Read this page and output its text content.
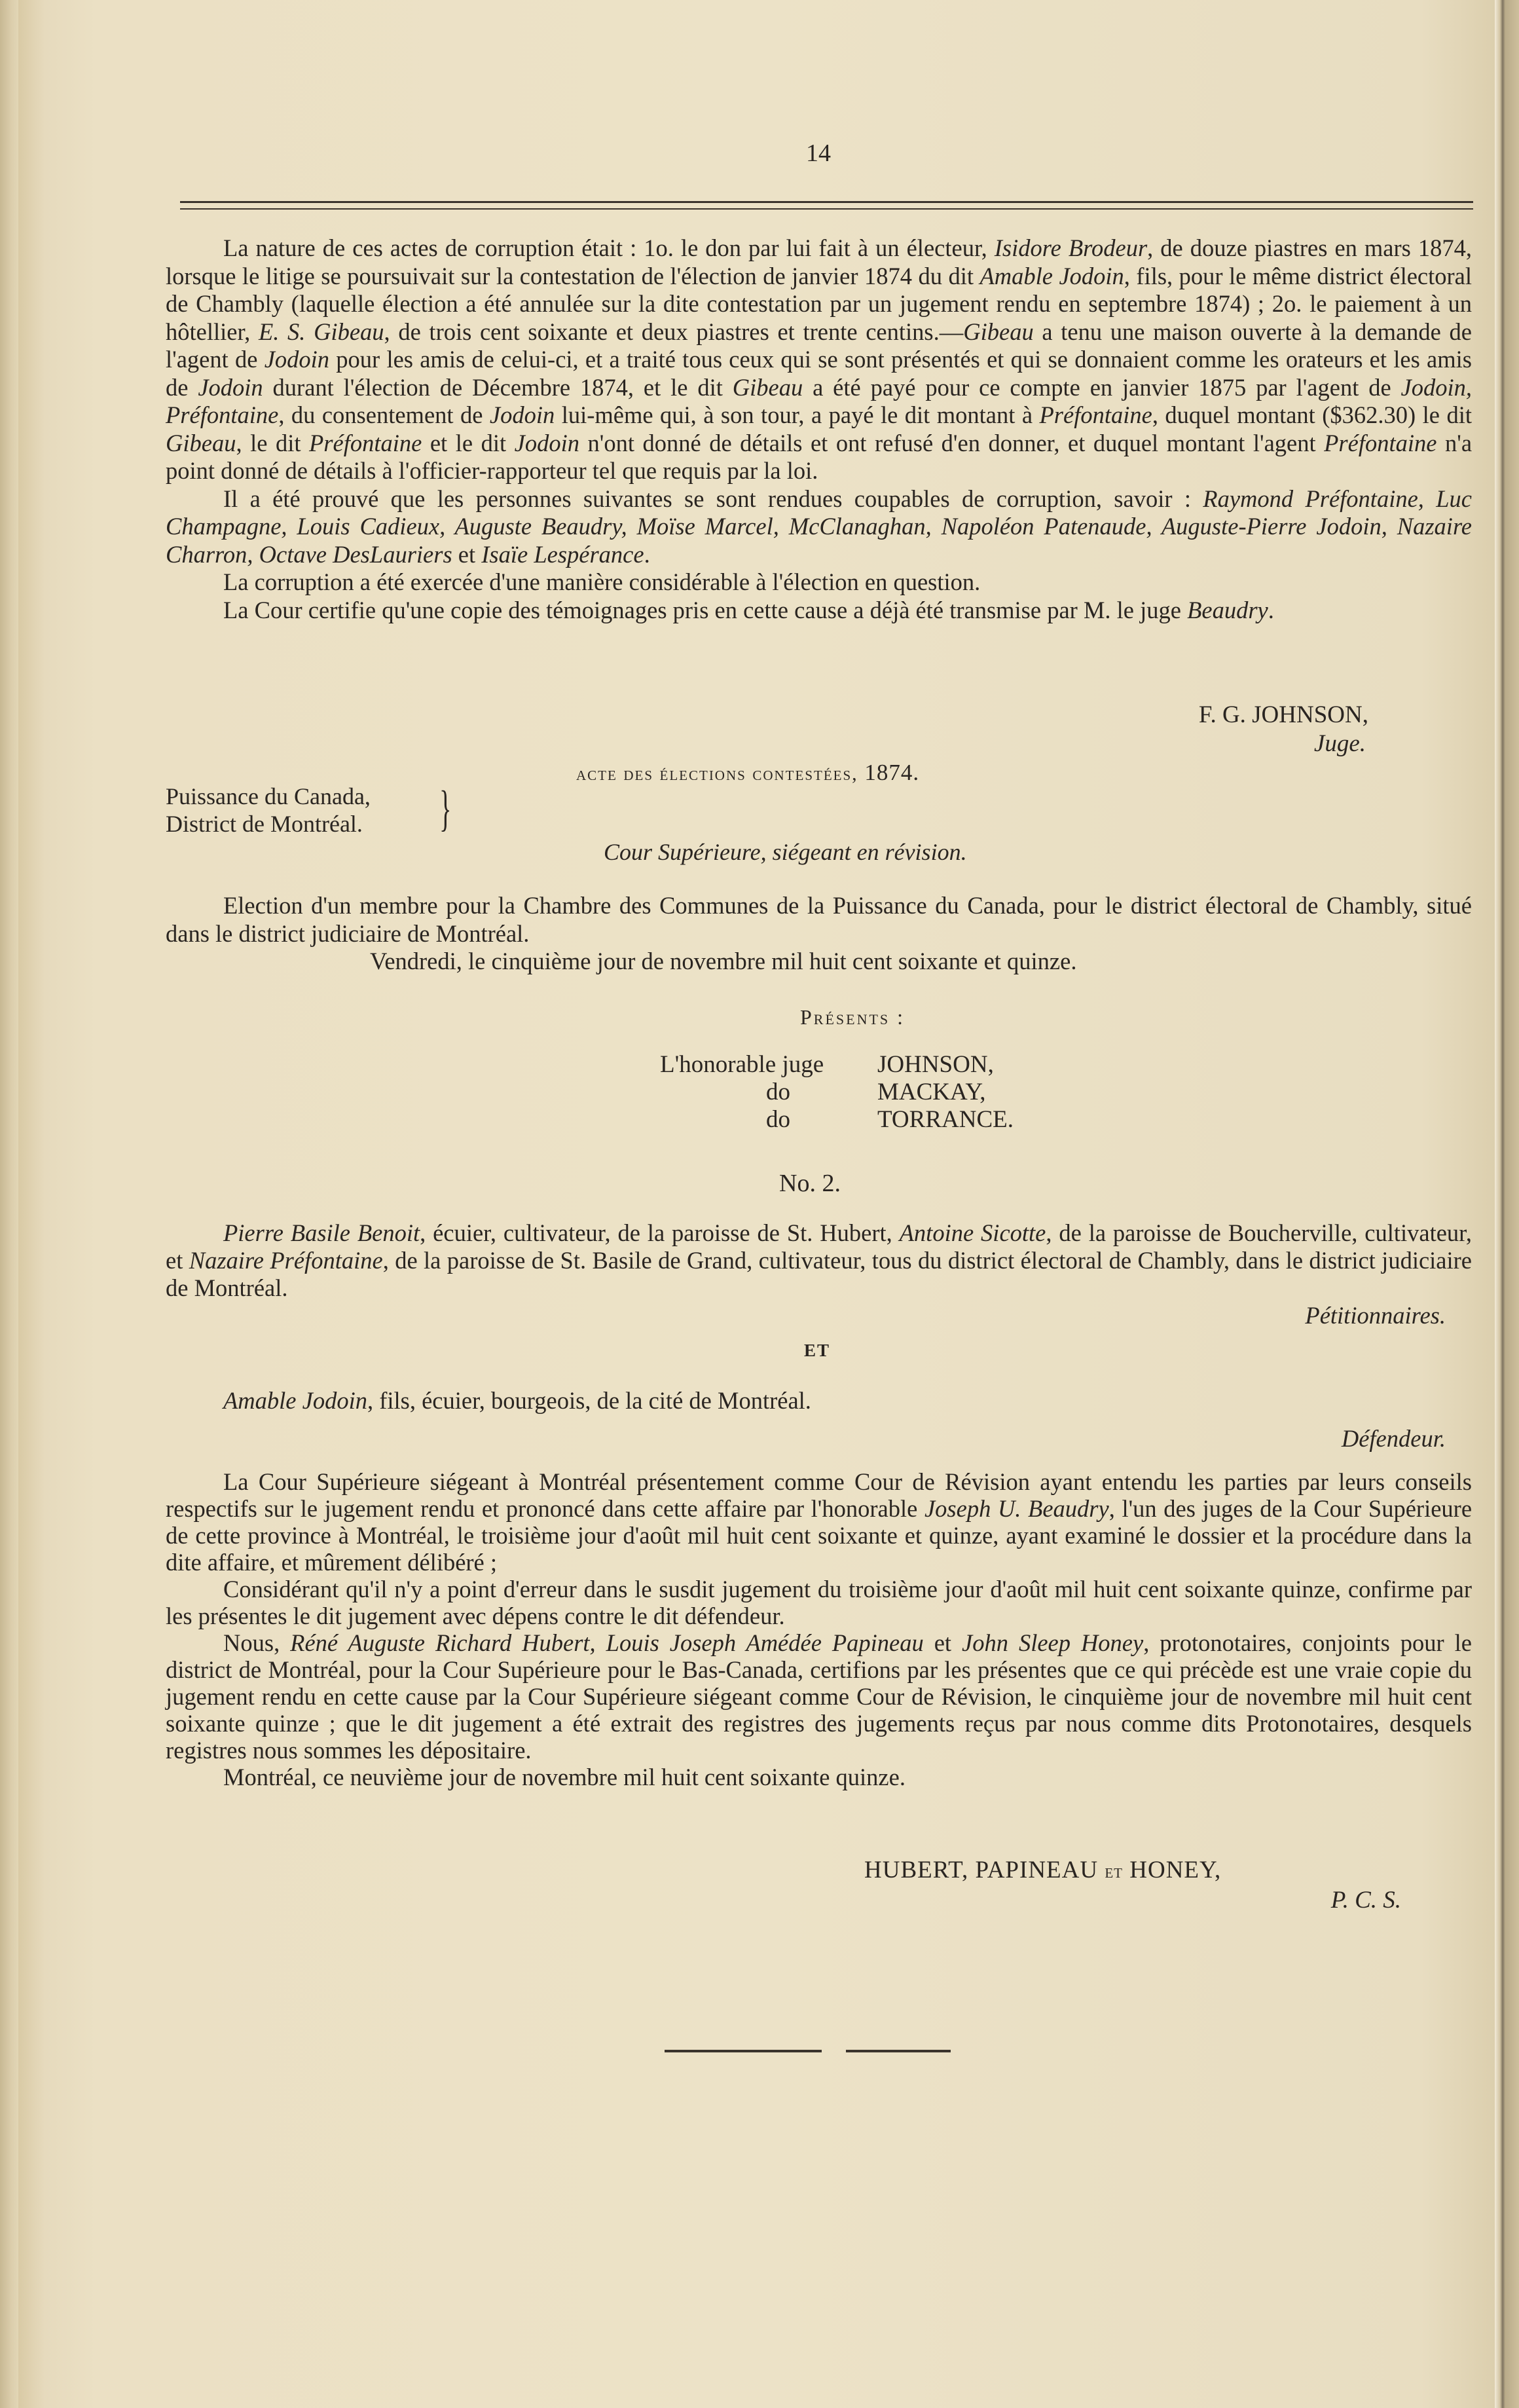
14

La nature de ces actes de corruption était : 1o. le don par lui fait à un électeur, Isidore Brodeur, de douze piastres en mars 1874, lorsque le litige se poursuivait sur la contestation de l'élection de janvier 1874 du dit Amable Jodoin, fils, pour le même district électoral de Chambly (laquelle élection a été annulée sur la dite contestation par un jugement rendu en septembre 1874) ; 2o. le paiement à un hôtellier, E. S. Gibeau, de trois cent soixante et deux piastres et trente centins.—Gibeau a tenu une maison ouverte à la demande de l'agent de Jodoin pour les amis de celui-ci, et a traité tous ceux qui se sont présentés et qui se donnaient comme les orateurs et les amis de Jodoin durant l'élection de Décembre 1874, et le dit Gibeau a été payé pour ce compte en janvier 1875 par l'agent de Jodoin, Préfontaine, du consentement de Jodoin lui-même qui, à son tour, a payé le dit montant à Préfontaine, duquel montant ($362.30) le dit Gibeau, le dit Préfontaine et le dit Jodoin n'ont donné de détails et ont refusé d'en donner, et duquel montant l'agent Préfontaine n'a point donné de détails à l'officier-rapporteur tel que requis par la loi.

Il a été prouvé que les personnes suivantes se sont rendues coupables de corruption, savoir : Raymond Préfontaine, Luc Champagne, Louis Cadieux, Auguste Beaudry, Moïse Marcel, McClanaghan, Napoléon Patenaude, Auguste-Pierre Jodoin, Nazaire Charron, Octave DesLauriers et Isaïe Lespérance.

La corruption a été exercée d'une manière considérable à l'élection en question.

La Cour certifie qu'une copie des témoignages pris en cette cause a déjà été transmise par M. le juge Beaudry.

F. G. JOHNSON,
Juge.
acte des élections contestées, 1874.
Puissance du Canada,
District de Montréal. }
Cour Supérieure, siégeant en révision.

Election d'un membre pour la Chambre des Communes de la Puissance du Canada, pour le district électoral de Chambly, situé dans le district judiciaire de Montréal.

Vendredi, le cinquième jour de novembre mil huit cent soixante et quinze.

Présents :
L'honorable juge	JOHNSON,
do	MACKAY,
do	TORRANCE.
No. 2.

Pierre Basile Benoit, écuier, cultivateur, de la paroisse de St. Hubert, Antoine Sicotte, de la paroisse de Boucherville, cultivateur, et Nazaire Préfontaine, de la paroisse de St. Basile de Grand, cultivateur, tous du district électoral de Chambly, dans le district judiciaire de Montréal.

Pétitionnaires.
ET

Amable Jodoin, fils, écuier, bourgeois, de la cité de Montréal.

Défendeur.

La Cour Supérieure siégeant à Montréal présentement comme Cour de Révision ayant entendu les parties par leurs conseils respectifs sur le jugement rendu et prononcé dans cette affaire par l'honorable Joseph U. Beaudry, l'un des juges de la Cour Supérieure de cette province à Montréal, le troisième jour d'août mil huit cent soixante et quinze, ayant examiné le dossier et la procédure dans la dite affaire, et mûrement délibéré ;

Considérant qu'il n'y a point d'erreur dans le susdit jugement du troisième jour d'août mil huit cent soixante quinze, confirme par les présentes le dit jugement avec dépens contre le dit défendeur.

Nous, Réné Auguste Richard Hubert, Louis Joseph Amédée Papineau et John Sleep Honey, protonotaires, conjoints pour le district de Montréal, pour la Cour Supérieure pour le Bas-Canada, certifions par les présentes que ce qui précède est une vraie copie du jugement rendu en cette cause par la Cour Supérieure siégeant comme Cour de Révision, le cinquième jour de novembre mil huit cent soixante quinze ; que le dit jugement a été extrait des registres des jugements reçus par nous comme dits Protonotaires, desquels registres nous sommes les dépositaire.

Montréal, ce neuvième jour de novembre mil huit cent soixante quinze.

HUBERT, PAPINEAU et HONEY,
P. C. S.
